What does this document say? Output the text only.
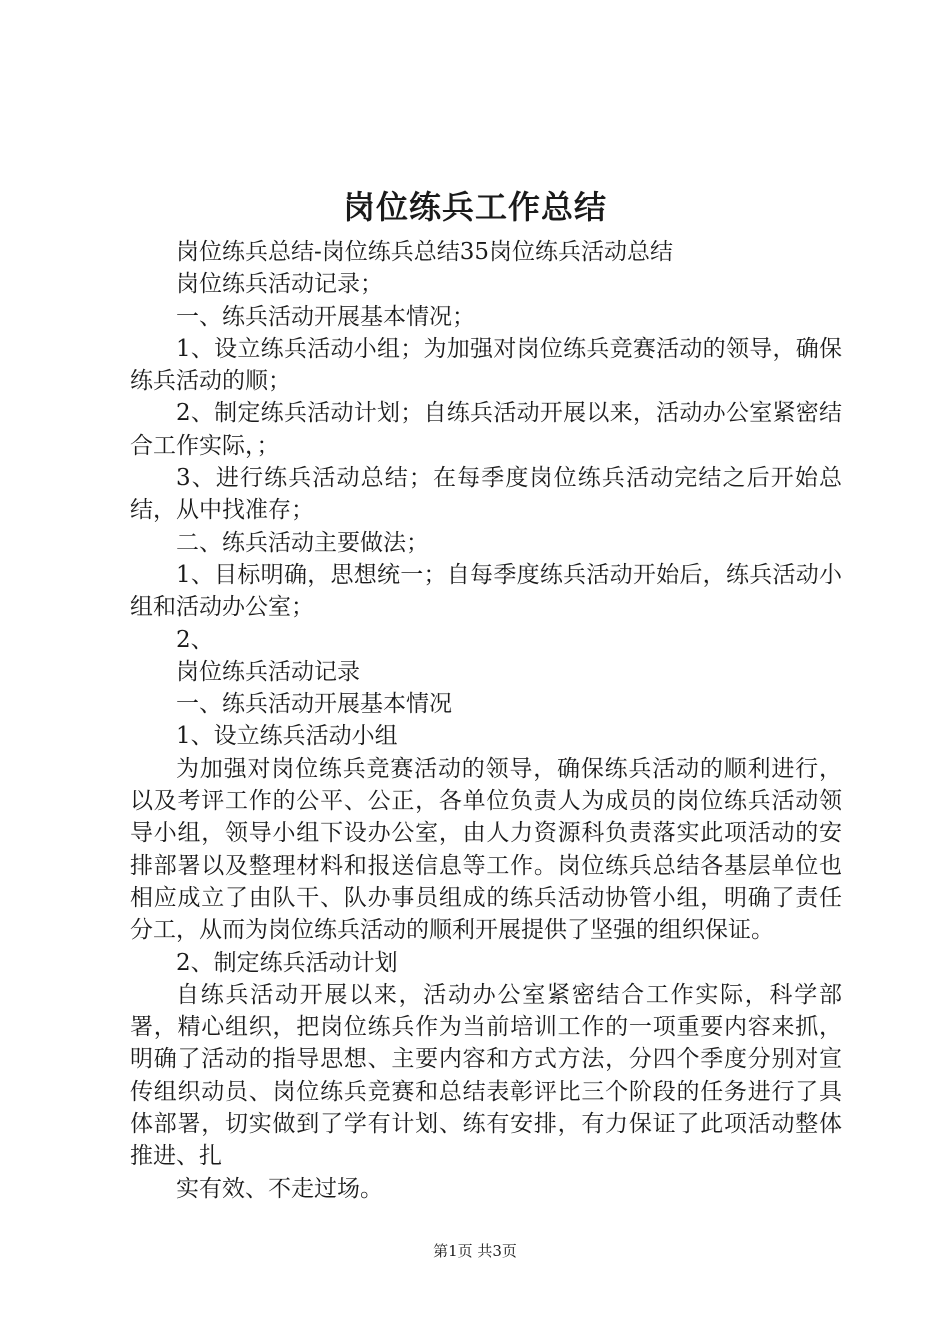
岗位练兵工作总结

岗位练兵总结-岗位练兵总结35岗位练兵活动总结

岗位练兵活动记录；

一、练兵活动开展基本情况；

1、设立练兵活动小组；为加强对岗位练兵竞赛活动的领导，确保练兵活动的顺；

2、制定练兵活动计划；自练兵活动开展以来，活动办公室紧密结合工作实际，；

3、进行练兵活动总结；在每季度岗位练兵活动完结之后开始总结，从中找准存；

二、练兵活动主要做法；

1、目标明确，思想统一；自每季度练兵活动开始后，练兵活动小组和活动办公室；

2、

岗位练兵活动记录

一、练兵活动开展基本情况

1、设立练兵活动小组

为加强对岗位练兵竞赛活动的领导，确保练兵活动的顺利进行，以及考评工作的公平、公正，各单位负责人为成员的岗位练兵活动领导小组，领导小组下设办公室，由人力资源科负责落实此项活动的安排部署以及整理材料和报送信息等工作。岗位练兵总结各基层单位也相应成立了由队干、队办事员组成的练兵活动协管小组，明确了责任分工，从而为岗位练兵活动的顺利开展提供了坚强的组织保证。

2、制定练兵活动计划

自练兵活动开展以来，活动办公室紧密结合工作实际，科学部署，精心组织，把岗位练兵作为当前培训工作的一项重要内容来抓，明确了活动的指导思想、主要内容和方式方法，分四个季度分别对宣传组织动员、岗位练兵竞赛和总结表彰评比三个阶段的任务进行了具体部署，切实做到了学有计划、练有安排，有力保证了此项活动整体推进、扎

实有效、不走过场。

第1页 共3页
